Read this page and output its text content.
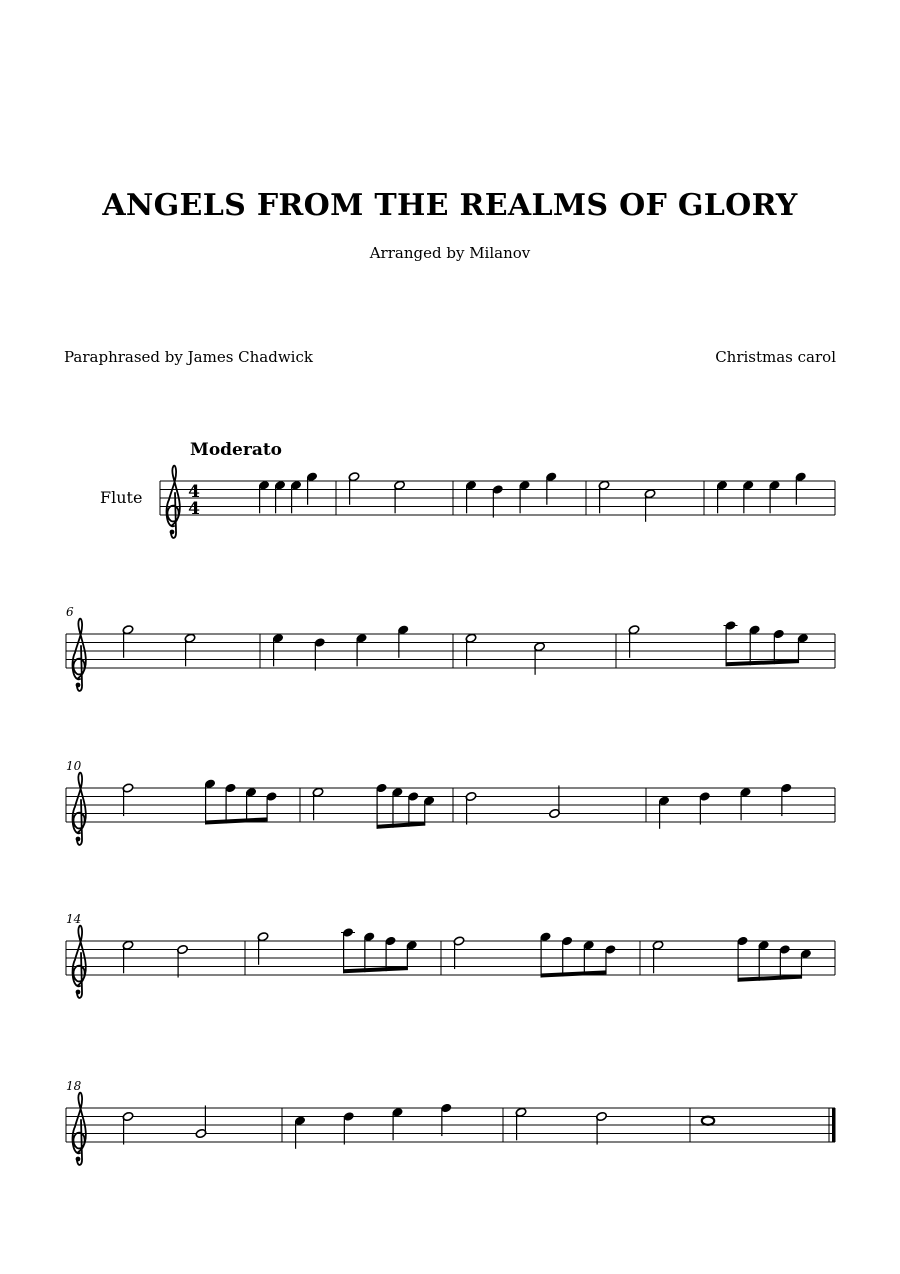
ANGELS FROM THE REALMS OF GLORY
Arranged by Milanov
Paraphrased by James Chadwick	Christmas carol
Moderato
Flute
6
10
14
18
4
4
